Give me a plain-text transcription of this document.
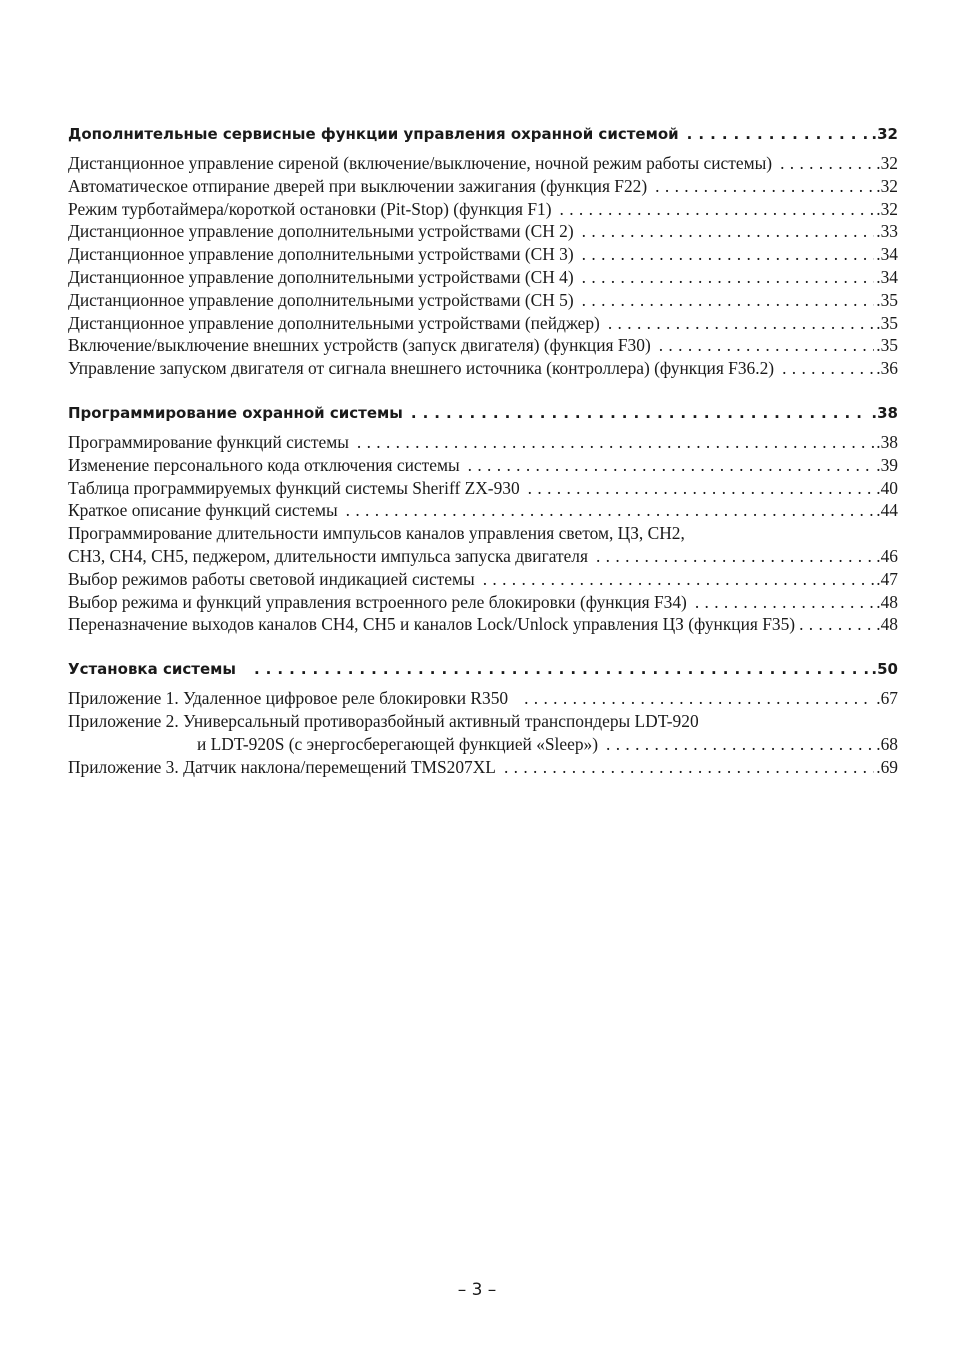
Дополнительные сервисные функции управления охранной системой . . .	.32
Дистанционное управление сиреной (включение/выключение, ночной режим работы системы) . . .	.32
Автоматическое отпирание дверей при выключении зажигания (функция F22) . . .	.32
Режим турботаймера/короткой остановки (Pit-Stop) (функция F1) . . .	.32
Дистанционное управление дополнительными устройствами (CH 2) . . .	.33
Дистанционное управление дополнительными устройствами (CH 3) . . .	.34
Дистанционное управление дополнительными устройствами (CH 4) . . .	.34
Дистанционное управление дополнительными устройствами (CH 5) . . .	.35
Дистанционное управление дополнительными устройствами (пейджер) . . .	.35
Включение/выключение внешних устройств (запуск двигателя) (функция F30) . . .	.35
Управление запуском двигателя от сигнала внешнего источника (контроллера) (функция F36.2) . . .	.36
Программирование охранной системы . . .	.38
Программирование функций системы . . .	.38
Изменение персонального кода отключения системы . . .	.39
Таблица программируемых функций системы Sheriff ZX-930 . . .	.40
Краткое описание функций системы . . .	.44
Программирование длительности импульсов каналов управления светом, ЦЗ, CH2,
CH3, CH4, CH5, педжером, длительности импульса запуска двигателя . . .	.46
Выбор режимов работы световой индикацией системы . . .	.47
Выбор режима и функций управления встроенного реле блокировки (функция F34) . . .	.48
Переназначение выходов каналов CH4, CH5 и каналов Lock/Unlock управления ЦЗ (функция F35) . . .	.48
Установка системы . . .	.50
Приложение 1. Удаленное цифровое реле блокировки R350 . . .	.67
Приложение 2. Универсальный противоразбойный активный транспондеры LDT-920
и LDT-920S (с энергосберегающей функцией «Sleep») . . .	.68
Приложение 3. Датчик наклона/перемещений TMS207XL . . .	.69
– 3 –
